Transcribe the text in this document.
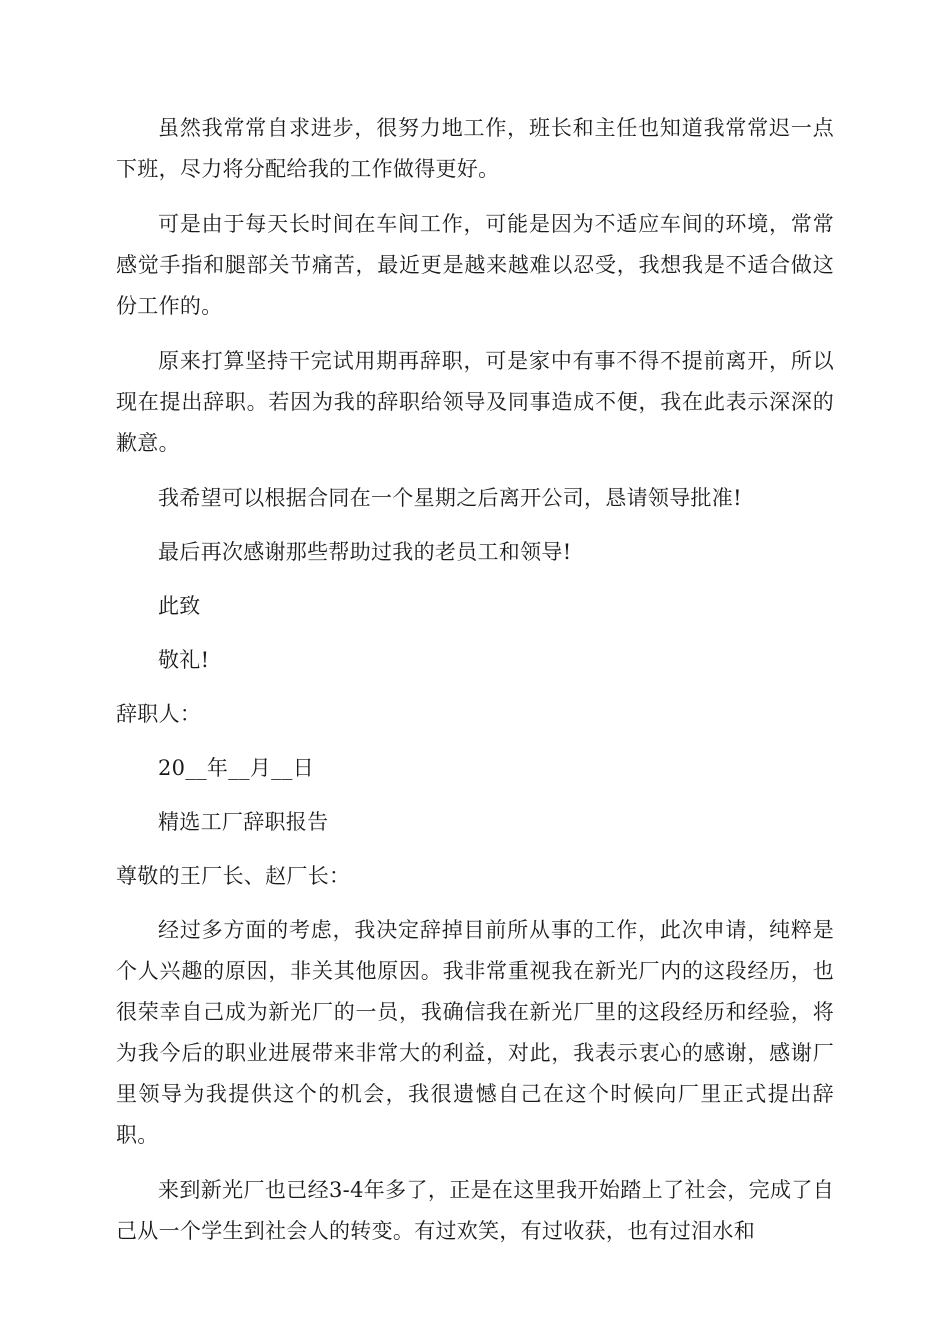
虽然我常常自求进步，很努力地工作，班长和主任也知道我常常迟一点下班，尽力将分配给我的工作做得更好。

可是由于每天长时间在车间工作，可能是因为不适应车间的环境，常常感觉手指和腿部关节痛苦，最近更是越来越难以忍受，我想我是不适合做这份工作的。

原来打算坚持干完试用期再辞职，可是家中有事不得不提前离开，所以现在提出辞职。若因为我的辞职给领导及同事造成不便，我在此表示深深的歉意。

我希望可以根据合同在一个星期之后离开公司，恳请领导批准!

最后再次感谢那些帮助过我的老员工和领导!

此致

敬礼!

辞职人：

20__年__月__日

精选工厂辞职报告

尊敬的王厂长、赵厂长：

经过多方面的考虑，我决定辞掉目前所从事的工作，此次申请，纯粹是个人兴趣的原因，非关其他原因。我非常重视我在新光厂内的这段经历，也很荣幸自己成为新光厂的一员，我确信我在新光厂里的这段经历和经验，将为我今后的职业进展带来非常大的利益，对此，我表示衷心的感谢，感谢厂里领导为我提供这个的机会，我很遗憾自己在这个时候向厂里正式提出辞职。

来到新光厂也已经3-4年多了，正是在这里我开始踏上了社会，完成了自己从一个学生到社会人的转变。有过欢笑，有过收获，也有过泪水和
